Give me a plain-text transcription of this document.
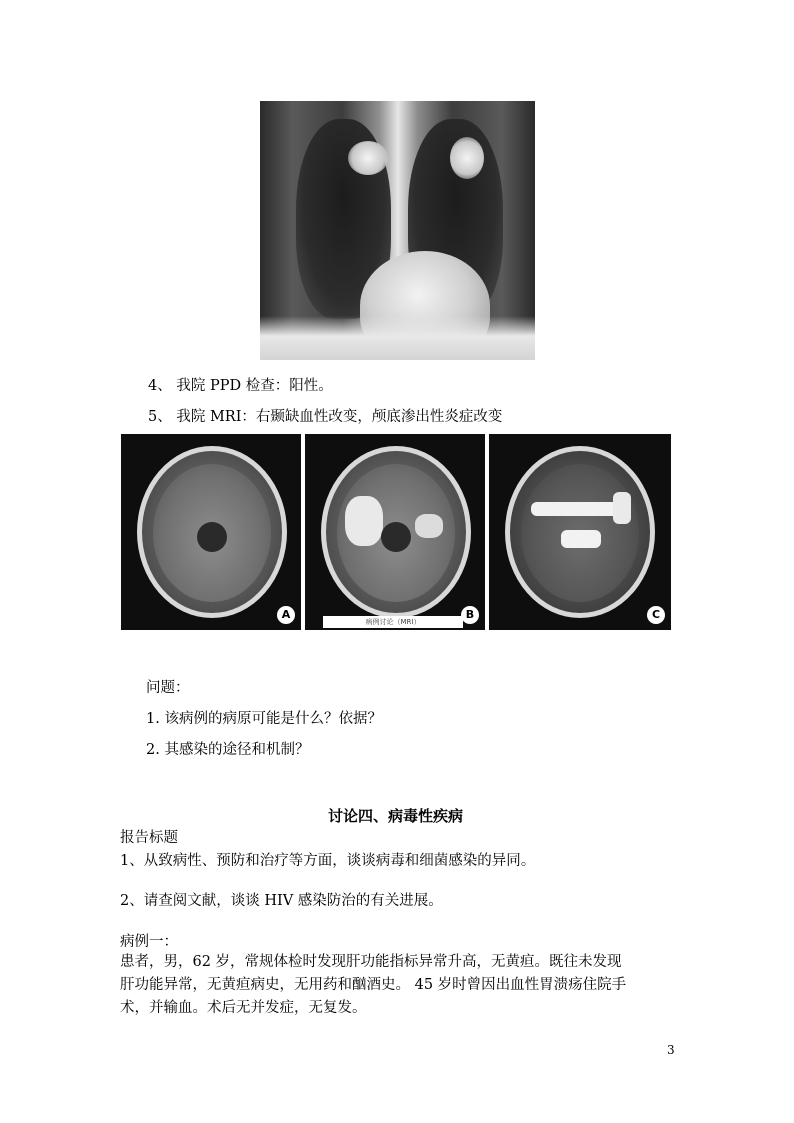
4、 我院 PPD 检查：阳性。
5、 我院 MRI：右颞缺血性改变，颅底渗出性炎症改变
A	B	C
病例讨论（MRI）
问题：
1. 该病例的病原可能是什么？依据？
2. 其感染的途径和机制？
讨论四、病毒性疾病
报告标题
1、从致病性、预防和治疗等方面，谈谈病毒和细菌感染的异同。
2、请查阅文献，谈谈 HIV 感染防治的有关进展。
病例一：
患者，男，62 岁，常规体检时发现肝功能指标异常升高，无黄疸。既往未发现
肝功能异常，无黄疸病史，无用药和酗酒史。 45 岁时曾因出血性胃溃疡住院手
术，并输血。术后无并发症，无复发。
3
